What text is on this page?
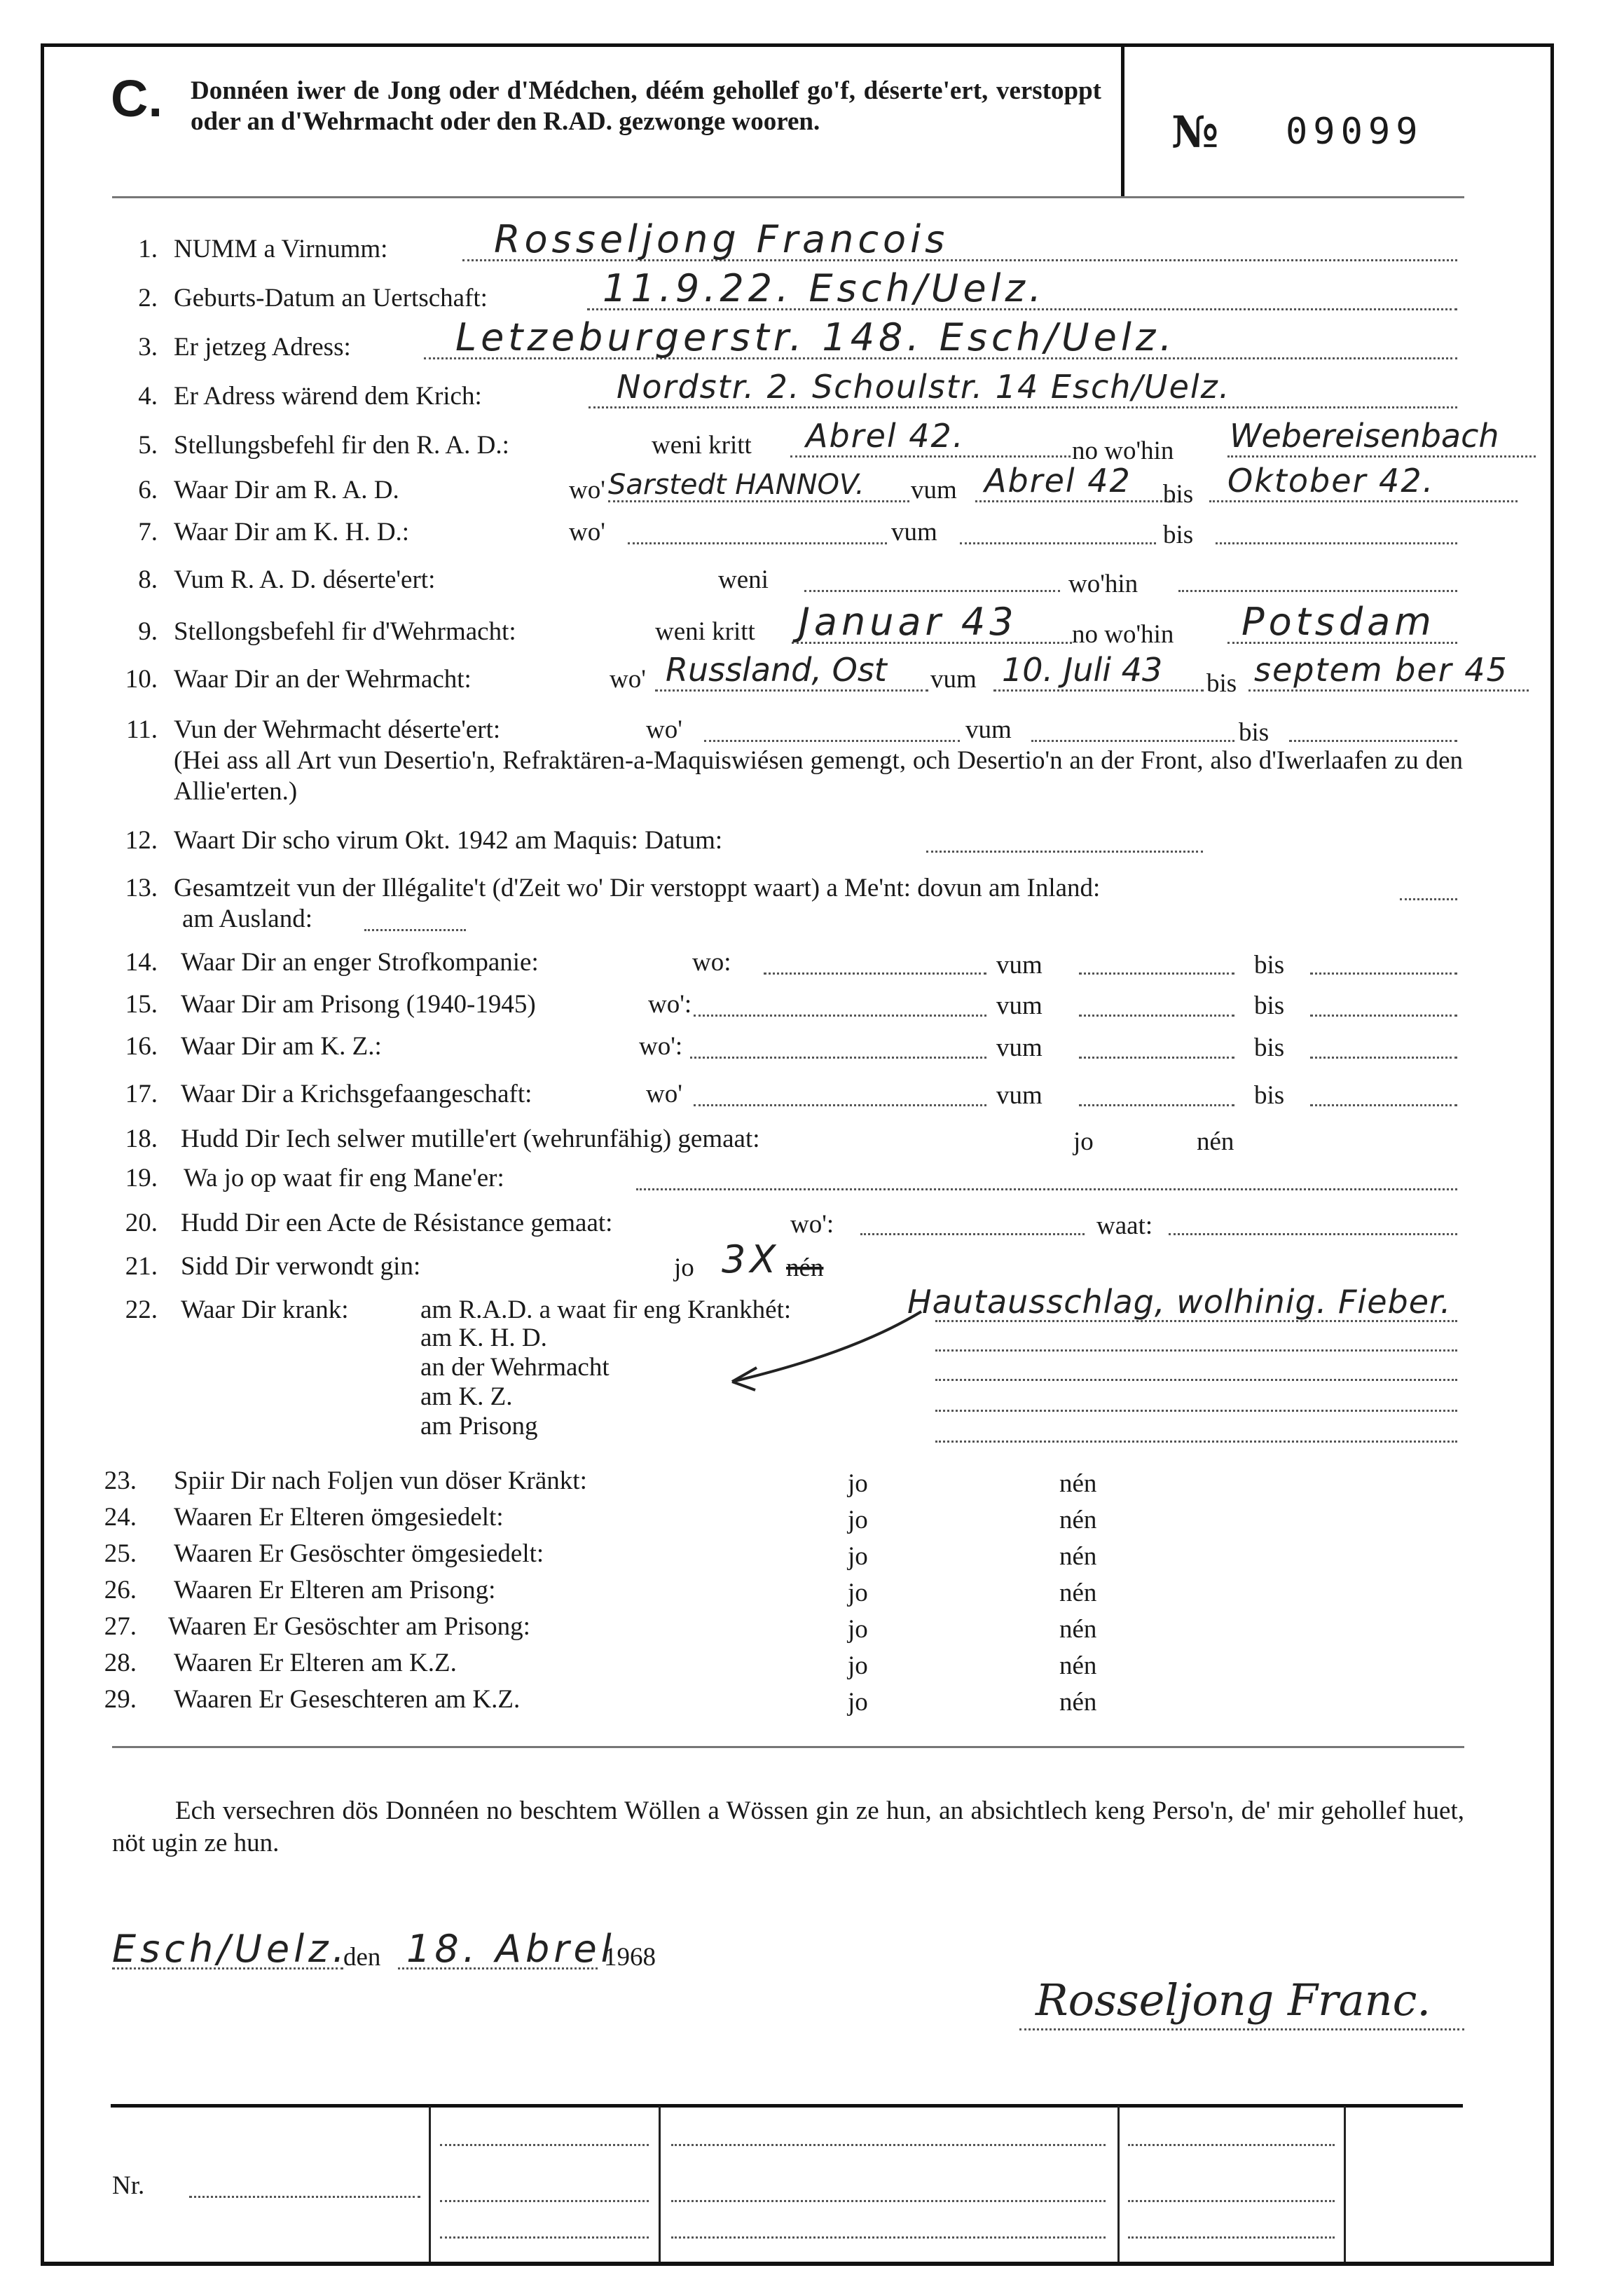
C. Donnéen iwer de Jong oder d'Médchen, déém gehollef go'f, déserte'ert, verstoppt oder an d'Wehrmacht oder den R.AD. gezwonge wooren.	№ 09099
1. NUMM a Virnumm:	Rosseljong Francois
2. Geburts-Datum an Uertschaft:	11.9.22. Esch/Uelz.
3. Er jetzeg Adress:	Letzeburgerstr. 148. Esch/Uelz.
4. Er Adress wärend dem Krich:	Nordstr. 2. Schoulstr. 14 Esch/Uelz.
5. Stellungsbefehl fir den R. A. D.:	weni kritt Abrel 42.	no wo'hin Webereisenbach
6. Waar Dir am R. A. D.	wo' Sarstedt HANNOV. vum Abrel 42 bis Oktober 42.
7. Waar Dir am K. H. D.:	wo'	vum	bis
8. Vum R. A. D. déserte'ert:	weni	wo'hin
9. Stellongsbefehl fir d'Wehrmacht:	weni kritt Januar 43 no wo'hin Potsdam
10. Waar Dir an der Wehrmacht:	wo' Russland, Ost vum 10. Juli 43 bis septem ber 45
11. Vun der Wehrmacht déserte'ert:	wo'	vum	bis
(Hei ass all Art vun Desertio'n, Refraktären-a-Maquiswiésen gemengt, och Desertio'n an der Front, also d'Iwerlaafen zu den Allie'erten.)
12. Waart Dir scho virum Okt. 1942 am Maquis: Datum:
13. Gesamtzeit vun der Illégalite't (d'Zeit wo' Dir verstoppt waart) a Me'nt: dovun am Inland:
am Ausland:
14. Waar Dir an enger Strofkompanie:	wo:	vum	bis
15. Waar Dir am Prisong (1940-1945)	wo':	vum	bis
16. Waar Dir am K. Z.:	wo':	vum	bis
17. Waar Dir a Krichsgefaangeschaft:	wo'	vum	bis
18. Hudd Dir Iech selwer mutille'ert (wehrunfähig) gemaat:	jo	nén
19. Wa jo op waat fir eng Mane'er:
20. Hudd Dir een Acte de Résistance gemaat:	wo':	waat:
21. Sidd Dir verwondt gin:	jo 3X nén
22. Waar Dir krank:	am R.A.D. a waat fir eng Krankhét:	Hautausschlag, wolhinig. Fieber.
am K. H. D.
an der Wehrmacht
am K. Z.
am Prisong
23. Spiir Dir nach Foljen vun döser Kränkt:	jo	nén
24. Waaren Er Elteren ömgesiedelt:	jo	nén
25. Waaren Er Gesöschter ömgesiedelt:	jo	nén
26. Waaren Er Elteren am Prisong:	jo	nén
27. Waaren Er Gesöschter am Prisong:	jo	nén
28. Waaren Er Elteren am K.Z.	jo	nén
29. Waaren Er Geseschteren am K.Z.	jo	nén
Ech versechren dös Donnéen no beschtem Wöllen a Wössen gin ze hun, an absichtlech keng Perso'n, de' mir gehollef huet, nöt ugin ze hun.
Esch/Uelz.
den 18. Abrel
1968
Rosseljong Franc.
Nr.
